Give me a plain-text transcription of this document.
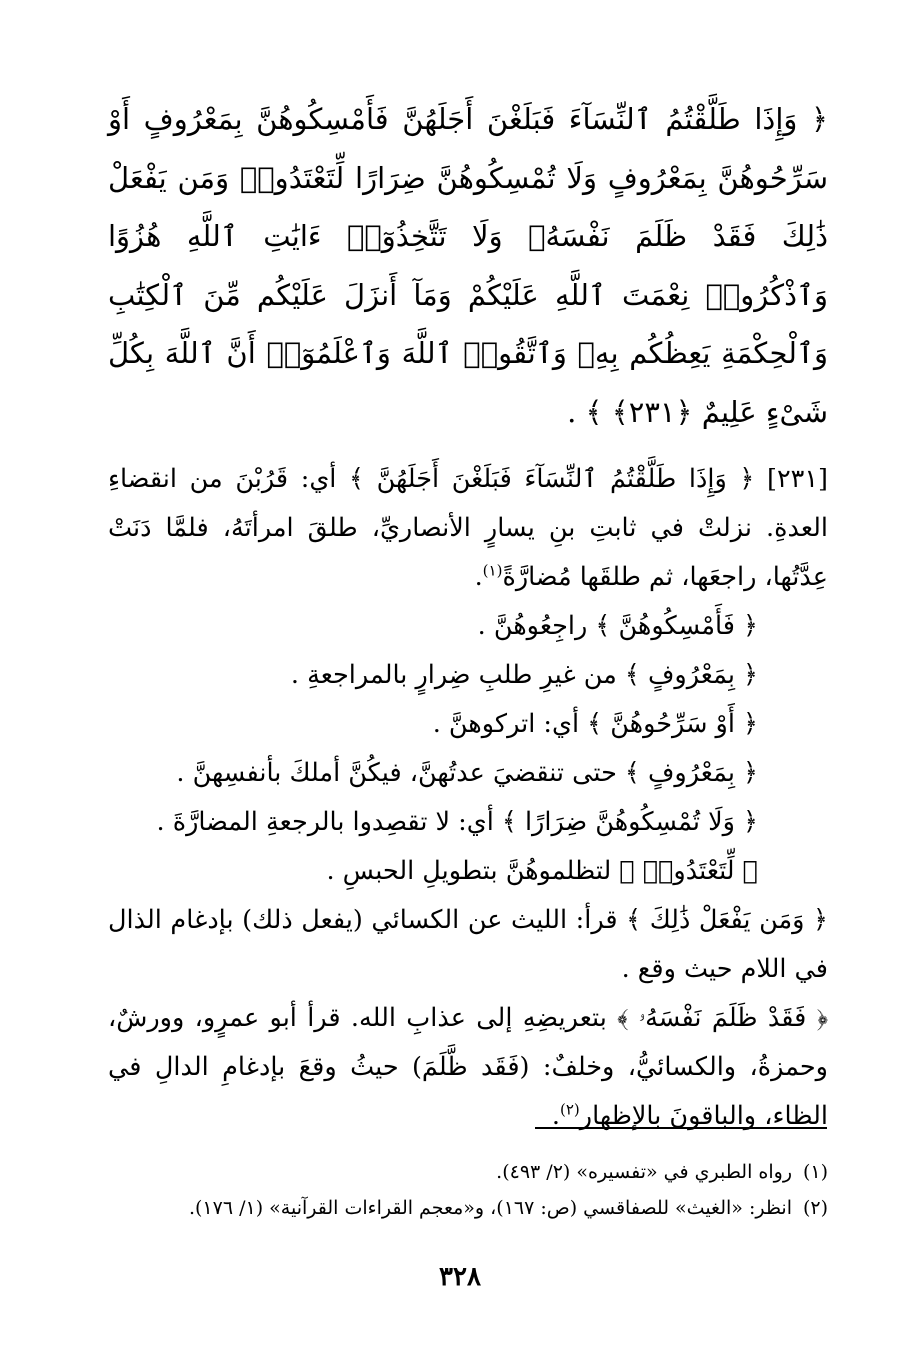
﴿ وَإِذَا طَلَّقْتُمُ ٱلنِّسَآءَ فَبَلَغْنَ أَجَلَهُنَّ فَأَمْسِكُوهُنَّ بِمَعْرُوفٍ أَوْ سَرِّحُوهُنَّ بِمَعْرُوفٍ وَلَا تُمْسِكُوهُنَّ ضِرَارًا لِّتَعْتَدُوا۟ وَمَن يَفْعَلْ ذَٰلِكَ فَقَدْ ظَلَمَ نَفْسَهُۥ وَلَا تَتَّخِذُوٓا۟ ءَايَٰتِ ٱللَّهِ هُزُوًا وَٱذْكُرُوا۟ نِعْمَتَ ٱللَّهِ عَلَيْكُمْ وَمَآ أَنزَلَ عَلَيْكُم مِّنَ ٱلْكِتَٰبِ وَٱلْحِكْمَةِ يَعِظُكُم بِهِۦ وَٱتَّقُوا۟ ٱللَّهَ وَٱعْلَمُوٓا۟ أَنَّ ٱللَّهَ بِكُلِّ شَىْءٍ عَلِيمٌ ﴿٢٣١﴾ ﴾ .

[٢٣١] ﴿ وَإِذَا طَلَّقْتُمُ ٱلنِّسَآءَ فَبَلَغْنَ أَجَلَهُنَّ ﴾ أي: قَرُبْنَ من انقضاءِ العدةِ. نزلتْ في ثابتِ بنِ يسارٍ الأنصاريِّ، طلقَ امرأتَهُ، فلمَّا دَنَتْ عِدَّتُها، راجعَها، ثم طلقَها مُضارَّةً$^{(١)}$.

﴿ فَأَمْسِكُوهُنَّ ﴾ راجِعُوهُنَّ .

﴿ بِمَعْرُوفٍ ﴾ من غيرِ طلبِ ضِرارٍ بالمراجعةِ .

﴿ أَوْ سَرِّحُوهُنَّ ﴾ أي: اتركوهنَّ .

﴿ بِمَعْرُوفٍ ﴾ حتى تنقضيَ عدتُهنَّ، فيكُنَّ أملكَ بأنفسِهنَّ .

﴿ وَلَا تُمْسِكُوهُنَّ ضِرَارًا ﴾ أي: لا تقصِدوا بالرجعةِ المضارَّةَ .

﴿ لِّتَعْتَدُوا۟ ﴾ لتظلموهُنَّ بتطويلِ الحبسِ .

﴿ وَمَن يَفْعَلْ ذَٰلِكَ ﴾ قرأ: الليث عن الكسائي (يفعل ذلك) بإدغام الذال في اللام حيث وقع .

﴿ فَقَدْ ظَلَمَ نَفْسَهُۥ ﴾ بتعريضِهِ إلى عذابِ الله. قرأ أبو عمرٍو، وورشٌ، وحمزةُ، والكسائيُّ، وخلفٌ: (فَقَد ظَّلَمَ) حيثُ وقعَ بإدغامِ الدالِ في الظاء، والباقونَ بالإظهار$^{(٢)}$.

(١)رواه الطبري في «تفسيره» (٢/ ٤٩٣).

(٢)انظر: «الغيث» للصفاقسي (ص: ١٦٧)، و«معجم القراءات القرآنية» (١/ ١٧٦).

٣٢٨
